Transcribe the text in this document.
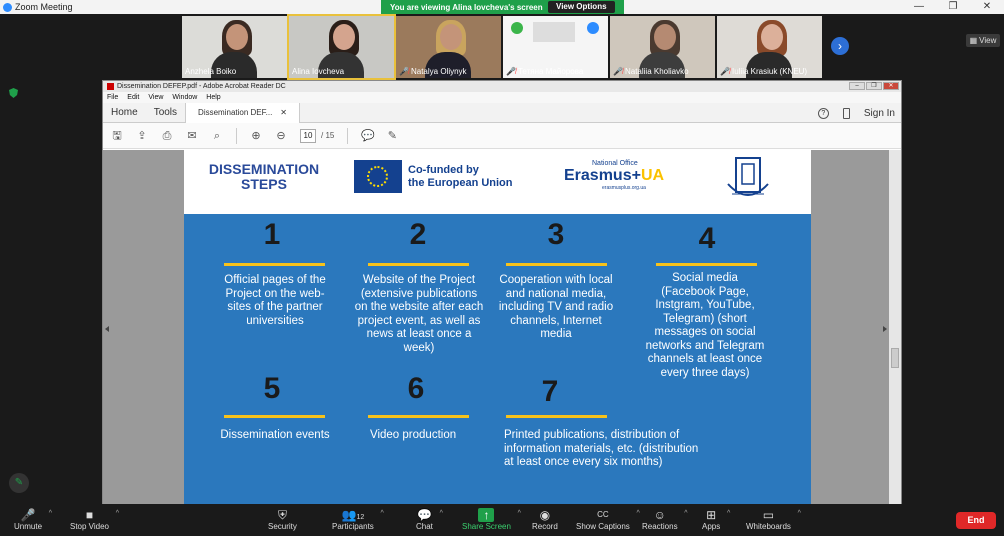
Zoom Meeting	—	❐	✕
You are viewing Alina Iovcheva's screen	View Options
▦ View
Anzhela Boiko	Alina Iovcheva	🎤̸ Natalya Oliynyk	🎤̸ Тетяна Майорова	🎤̸ Nataliia Kholiavko	🎤̸ Iuliia Krasiuk (KNEU)
›
Dissemination DEFEP.pdf - Adobe Acrobat Reader DC	–	❐	✕
File Edit View Window Help
Home	Tools	Dissemination DEF... ✕	?	Sign In
🖫 ⇪ ⎙ ✉ ⌕	⊕ ⊖	10	/ 15 💬 ✎
DISSEMINATION
STEPS
Co-funded by
the European Union
National Office
Erasmus+UA
erasmusplus.org.ua
1
Official pages of the Project on the web-sites of the partner universities
2
Website of the Project (extensive publications on the website after each project event, as well as news at least once a week)
3
Cooperation with local and national media, including TV and radio channels, Internet media
4
Social media (Facebook Page, Instgram, YouTube, Telegram) (short messages on social networks and Telegram channels at least once every three days)
5
Dissemination events
6
Video production
7
Printed publications, distribution of information materials, etc. (distribution at least once every six months)
✎
🎤
Unmute
^	■
Stop Video
^	⛨
Security
👥12
Participants
^	💬
Chat
^	↑
Share Screen
^ ◉
Record
CC
Show Captions
^ ☺
Reactions
^ ⊞
Apps
^	▭
Whiteboards
^
End
